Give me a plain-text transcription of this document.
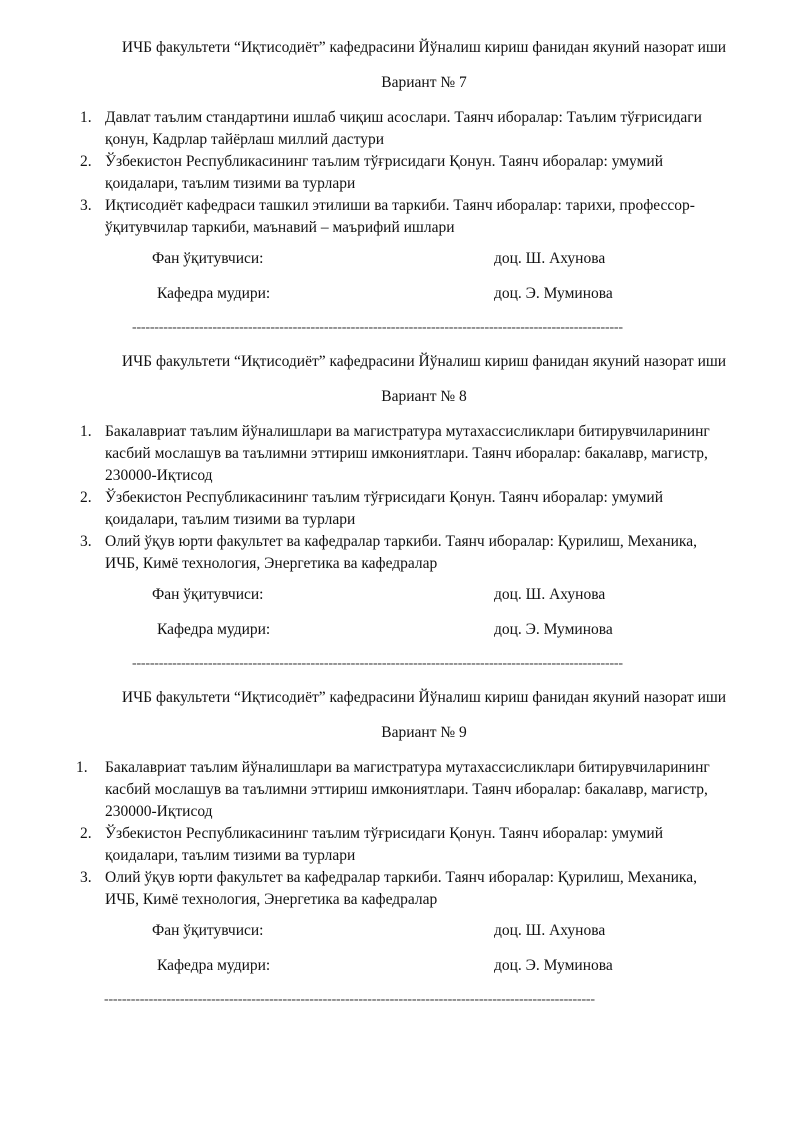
ИЧБ факультети “Иқтисодиёт” кафедрасини Йўналиш кириш фанидан якуний назорат иши
Вариант № 7
1. Давлат таълим стандартини ишлаб чиқиш асослари. Таянч иборалар: Таълим тўғрисидаги
қонун, Кадрлар тайёрлаш миллий дастури
2. Ўзбекистон Республикасининг таълим тўғрисидаги Қонун. Таянч иборалар: умумий
қоидалари, таълим тизими ва турлари
3. Иқтисодиёт кафедраси ташкил этилиши ва таркиби. Таянч иборалар: тарихи, профессор-
ўқитувчилар таркиби, маънавий – маърифий ишлари
Фан ўқитувчиси:	доц. Ш. Ахунова
Кафедра мудири:	доц. Э. Муминова
--------------------------------------------------------------------------------------------------------------
ИЧБ факультети “Иқтисодиёт” кафедрасини Йўналиш кириш фанидан якуний назорат иши
Вариант № 8
1. Бакалавриат таълим йўналишлари ва магистратура мутахассисликлари битирувчиларининг
касбий мослашув ва таълимни эттириш имкониятлари. Таянч иборалар: бакалавр, магистр,
230000-Иқтисод
2. Ўзбекистон Республикасининг таълим тўғрисидаги Қонун. Таянч иборалар: умумий
қоидалари, таълим тизими ва турлари
3. Олий ўқув юрти факультет ва кафедралар таркиби. Таянч иборалар: Қурилиш, Механика,
ИЧБ, Кимё технология, Энергетика ва кафедралар
Фан ўқитувчиси:	доц. Ш. Ахунова
Кафедра мудири:	доц. Э. Муминова
--------------------------------------------------------------------------------------------------------------
ИЧБ факультети “Иқтисодиёт” кафедрасини Йўналиш кириш фанидан якуний назорат иши
Вариант № 9
1. Бакалавриат таълим йўналишлари ва магистратура мутахассисликлари битирувчиларининг
касбий мослашув ва таълимни эттириш имкониятлари. Таянч иборалар: бакалавр, магистр,
230000-Иқтисод
2. Ўзбекистон Республикасининг таълим тўғрисидаги Қонун. Таянч иборалар: умумий
қоидалари, таълим тизими ва турлари
3. Олий ўқув юрти факультет ва кафедралар таркиби. Таянч иборалар: Қурилиш, Механика,
ИЧБ, Кимё технология, Энергетика ва кафедралар
Фан ўқитувчиси:	доц. Ш. Ахунова
Кафедра мудири:	доц. Э. Муминова
--------------------------------------------------------------------------------------------------------------
